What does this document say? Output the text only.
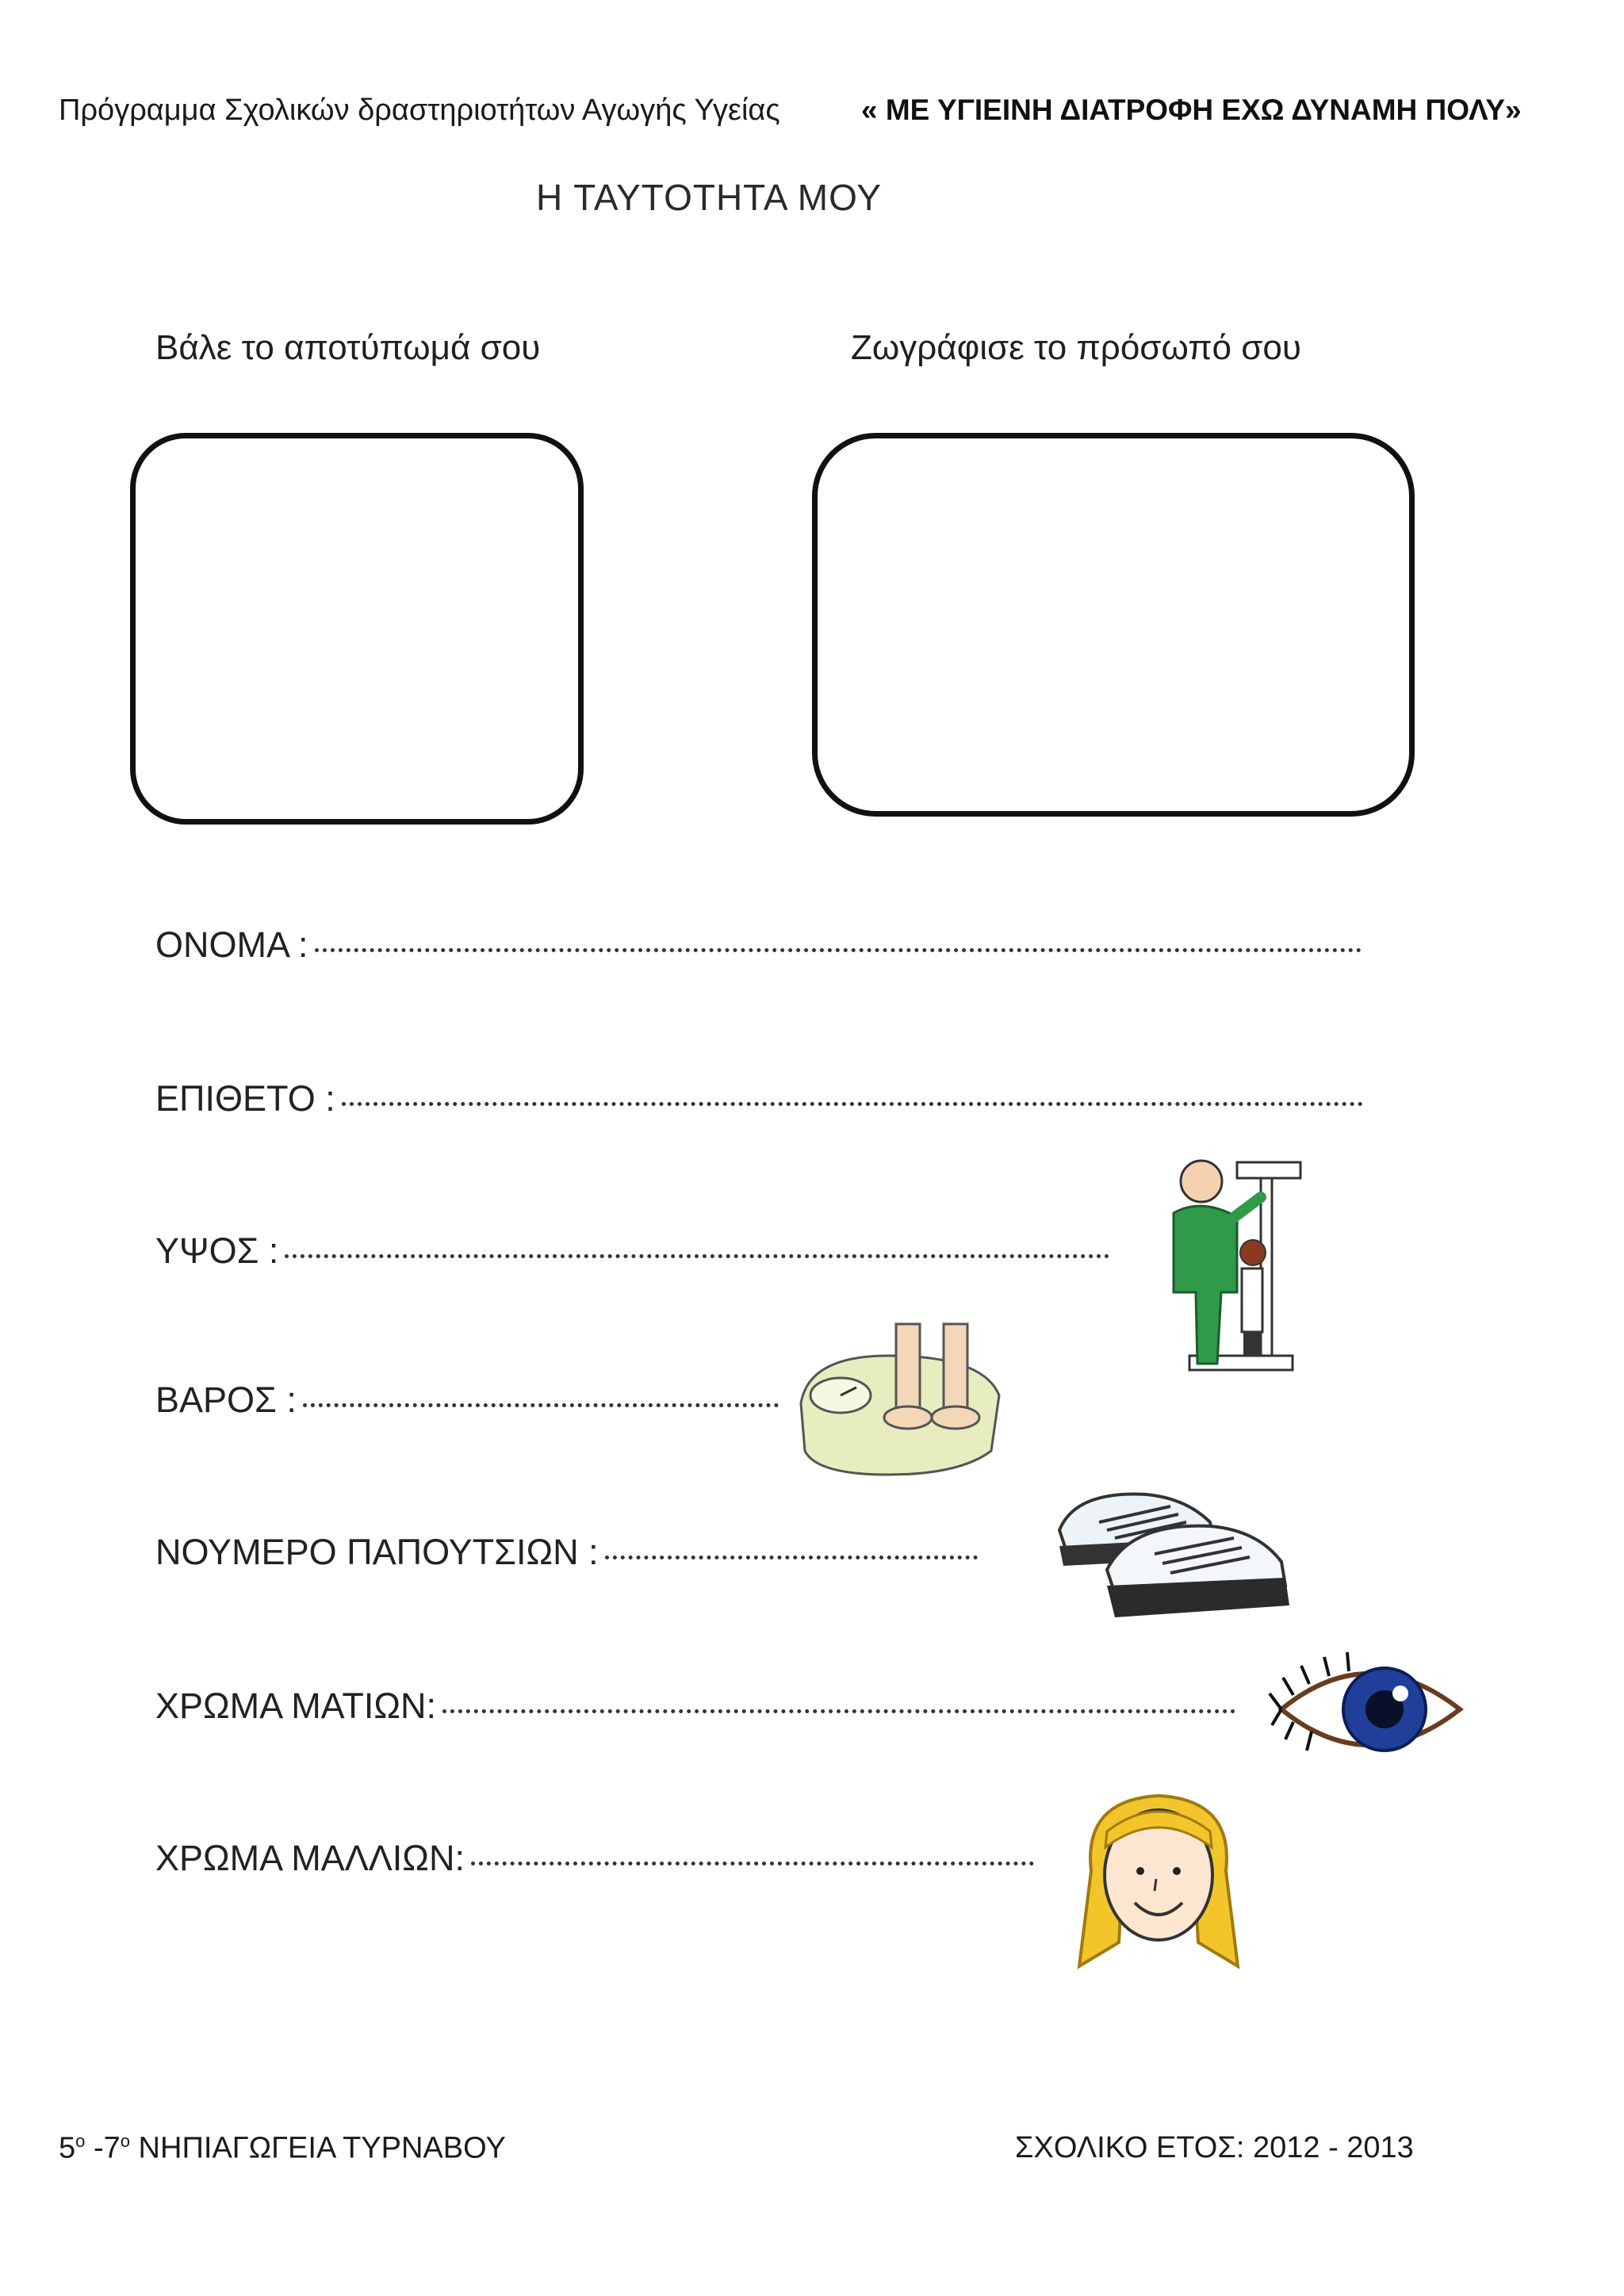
Πρόγραμμα Σχολικών δραστηριοτήτων Αγωγής Υγείας	« ΜΕ ΥΓΙΕΙΝΗ ΔΙΑΤΡΟΦΗ ΕΧΩ ΔΥΝΑΜΗ ΠΟΛΥ»
Η ΤΑΥΤΟΤΗΤΑ ΜΟΥ
Βάλε το αποτύπωμά σου	Ζωγράφισε το πρόσωπό σου
ΟΝΟΜΑ :
ΕΠΙΘΕΤΟ :
ΥΨΟΣ :
ΒΑΡΟΣ :
ΝΟΥΜΕΡΟ ΠΑΠΟΥΤΣΙΩΝ :
ΧΡΩΜΑ ΜΑΤΙΩΝ:
ΧΡΩΜΑ ΜΑΛΛΙΩΝ:
$5^o$ $-7^o$ ΝΗΠΙΑΓΩΓΕΙΑ ΤΥΡΝΑΒΟΥ	ΣΧΟΛΙΚΟ ΕΤΟΣ: 2012 - 2013
